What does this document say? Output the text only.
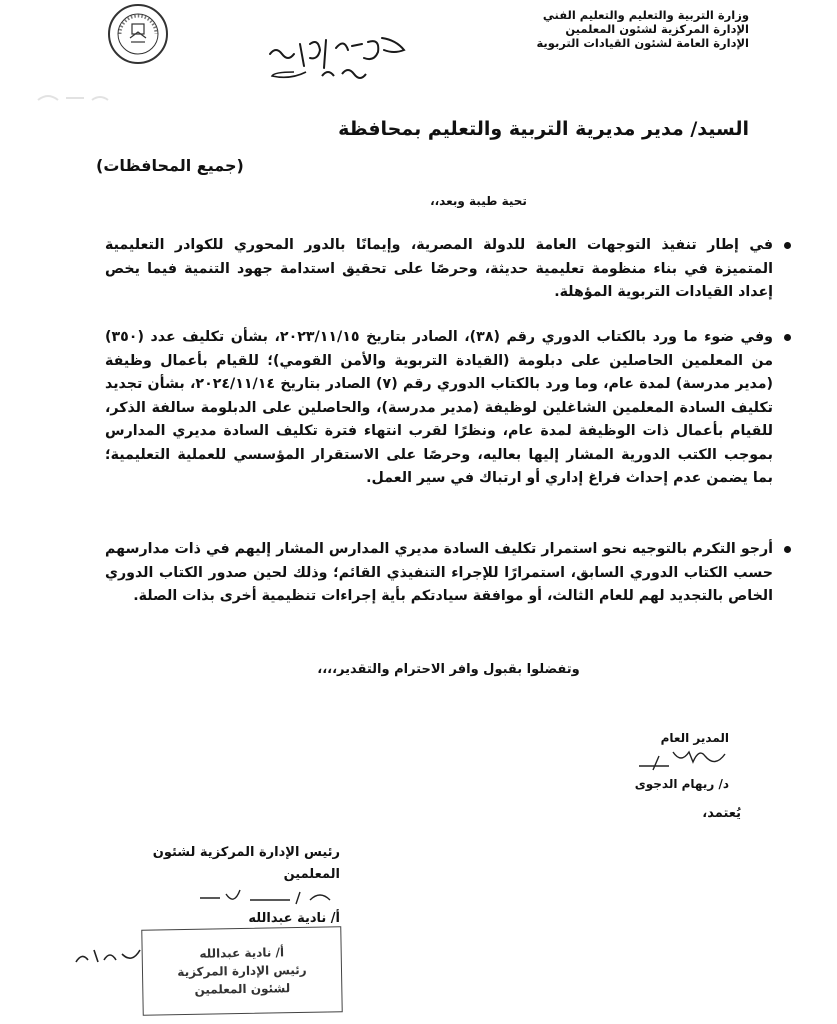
وزارة التربية والتعليم والتعليم الفني
الإدارة المركزية لشئون المعلمين
الإدارة العامة لشئون القيادات التربوية
السيد/ مدير مديرية التربية والتعليم بمحافظة
(جميع المحافظات)
تحية طيبة وبعد،،
في إطار تنفيذ التوجهات العامة للدولة المصرية، وإيمانًا بالدور المحوري للكوادر التعليمية المتميزة في بناء منظومة تعليمية حديثة، وحرصًا على تحقيق استدامة جهود التنمية فيما يخص إعداد القيادات التربوية المؤهلة.
وفي ضوء ما ورد بالكتاب الدوري رقم (٣٨)، الصادر بتاريخ ٢٠٢٣/١١/١٥، بشأن تكليف عدد (٣٥٠) من المعلمين الحاصلين على دبلومة (القيادة التربوية والأمن القومي)؛ للقيام بأعمال وظيفة (مدير مدرسة) لمدة عام، وما ورد بالكتاب الدوري رقم (٧) الصادر بتاريخ ٢٠٢٤/١١/١٤، بشأن تجديد تكليف السادة المعلمين الشاغلين لوظيفة (مدير مدرسة)، والحاصلين على الدبلومة سالفة الذكر، للقيام بأعمال ذات الوظيفة لمدة عام، ونظرًا لقرب انتهاء فترة تكليف السادة مديري المدارس بموجب الكتب الدورية المشار إليها بعاليه، وحرصًا على الاستقرار المؤسسي للعملية التعليمية؛ بما يضمن عدم إحداث فراغ إداري أو ارتباك في سير العمل.
أرجو التكرم بالتوجيه نحو استمرار تكليف السادة مديري المدارس المشار إليهم في ذات مدارسهم حسب الكتاب الدوري السابق، استمرارًا للإجراء التنفيذي القائم؛ وذلك لحين صدور الكتاب الدوري الخاص بالتجديد لهم للعام الثالث، أو موافقة سيادتكم بأية إجراءات تنظيمية أخرى بذات الصلة.
وتفضلوا بقبول وافر الاحترام والتقدير،،،،
المدير العام
د/ ريهام الدجوى
يُعتمد،
رئيس الإدارة المركزية لشئون المعلمين
أ/ نادية عبدالله
أ/ نادية عبدالله
رئيس الإدارة المركزية
لشئون المعلمين
